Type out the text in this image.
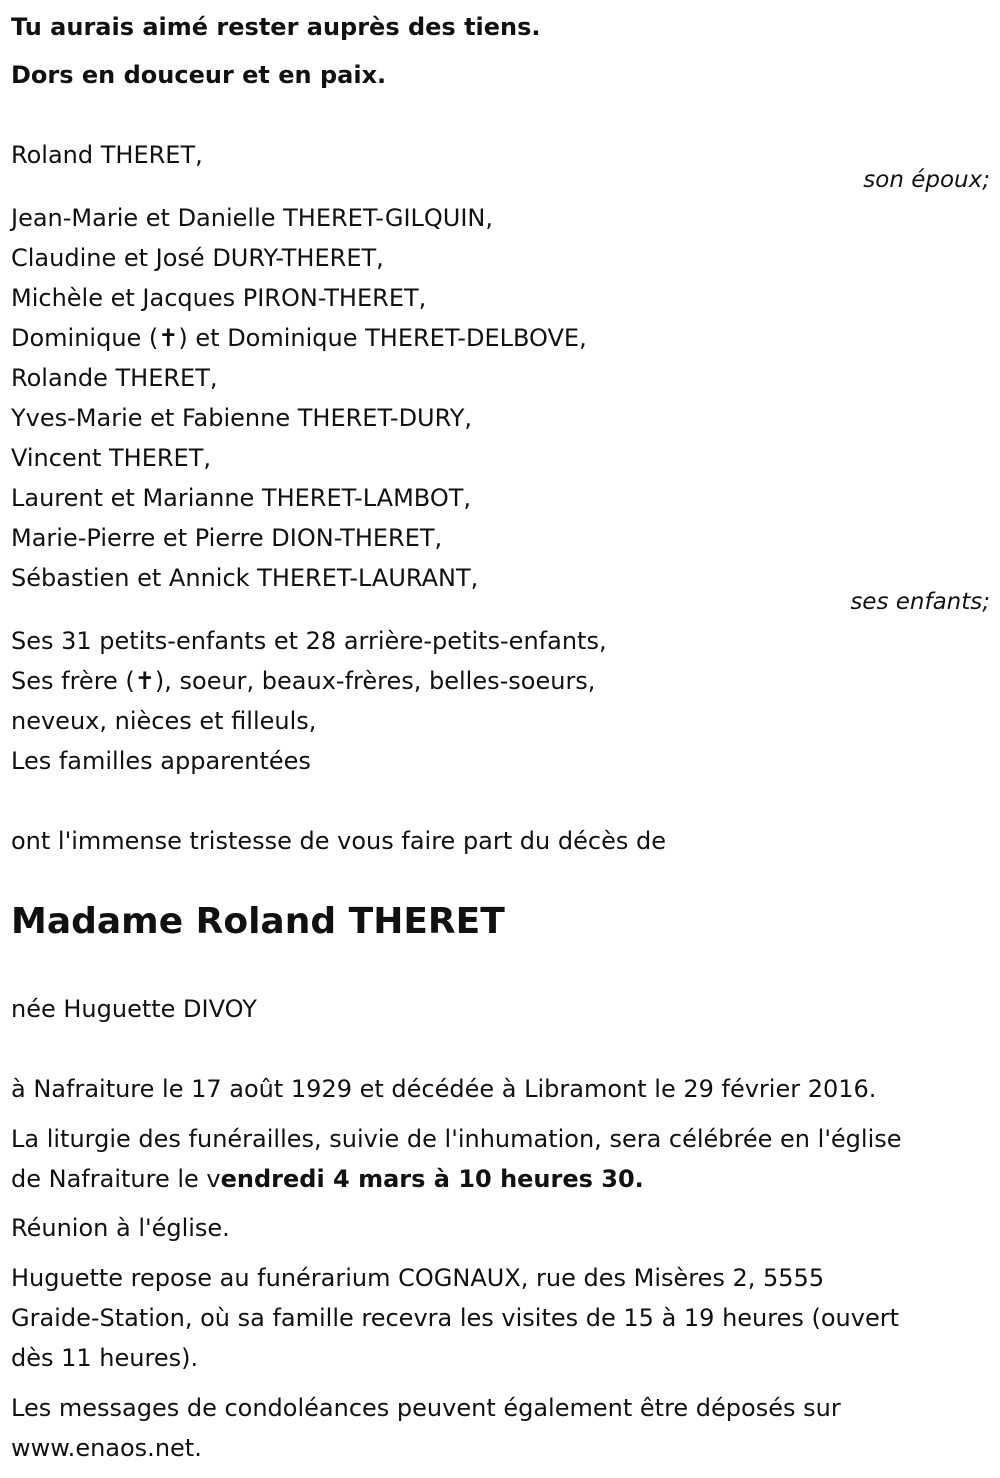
Tu aurais aimé rester auprès des tiens.

Dors en douceur et en paix.

Roland THERET,

son époux;

Jean-Marie et Danielle THERET-GILQUIN,

Claudine et José DURY-THERET,

Michèle et Jacques PIRON-THERET,

Dominique (✝) et Dominique THERET-DELBOVE,

Rolande THERET,

Yves-Marie et Fabienne THERET-DURY,

Vincent THERET,

Laurent et Marianne THERET-LAMBOT,

Marie-Pierre et Pierre DION-THERET,

Sébastien et Annick THERET-LAURANT,

ses enfants;

Ses 31 petits-enfants et 28 arrière-petits-enfants,

Ses frère (✝), soeur, beaux-frères, belles-soeurs,

neveux, nièces et filleuls,

Les familles apparentées

ont l'immense tristesse de vous faire part du décès de

Madame Roland THERET

née Huguette DIVOY

à Nafraiture le 17 août 1929 et décédée à Libramont le 29 février 2016.

La liturgie des funérailles, suivie de l'inhumation, sera célébrée en l'église

de Nafraiture le vendredi 4 mars à 10 heures 30.

Réunion à l'église.

Huguette repose au funérarium COGNAUX, rue des Misères 2, 5555

Graide-Station, où sa famille recevra les visites de 15 à 19 heures (ouvert

dès 11 heures).

Les messages de condoléances peuvent également être déposés sur

www.enaos.net.
